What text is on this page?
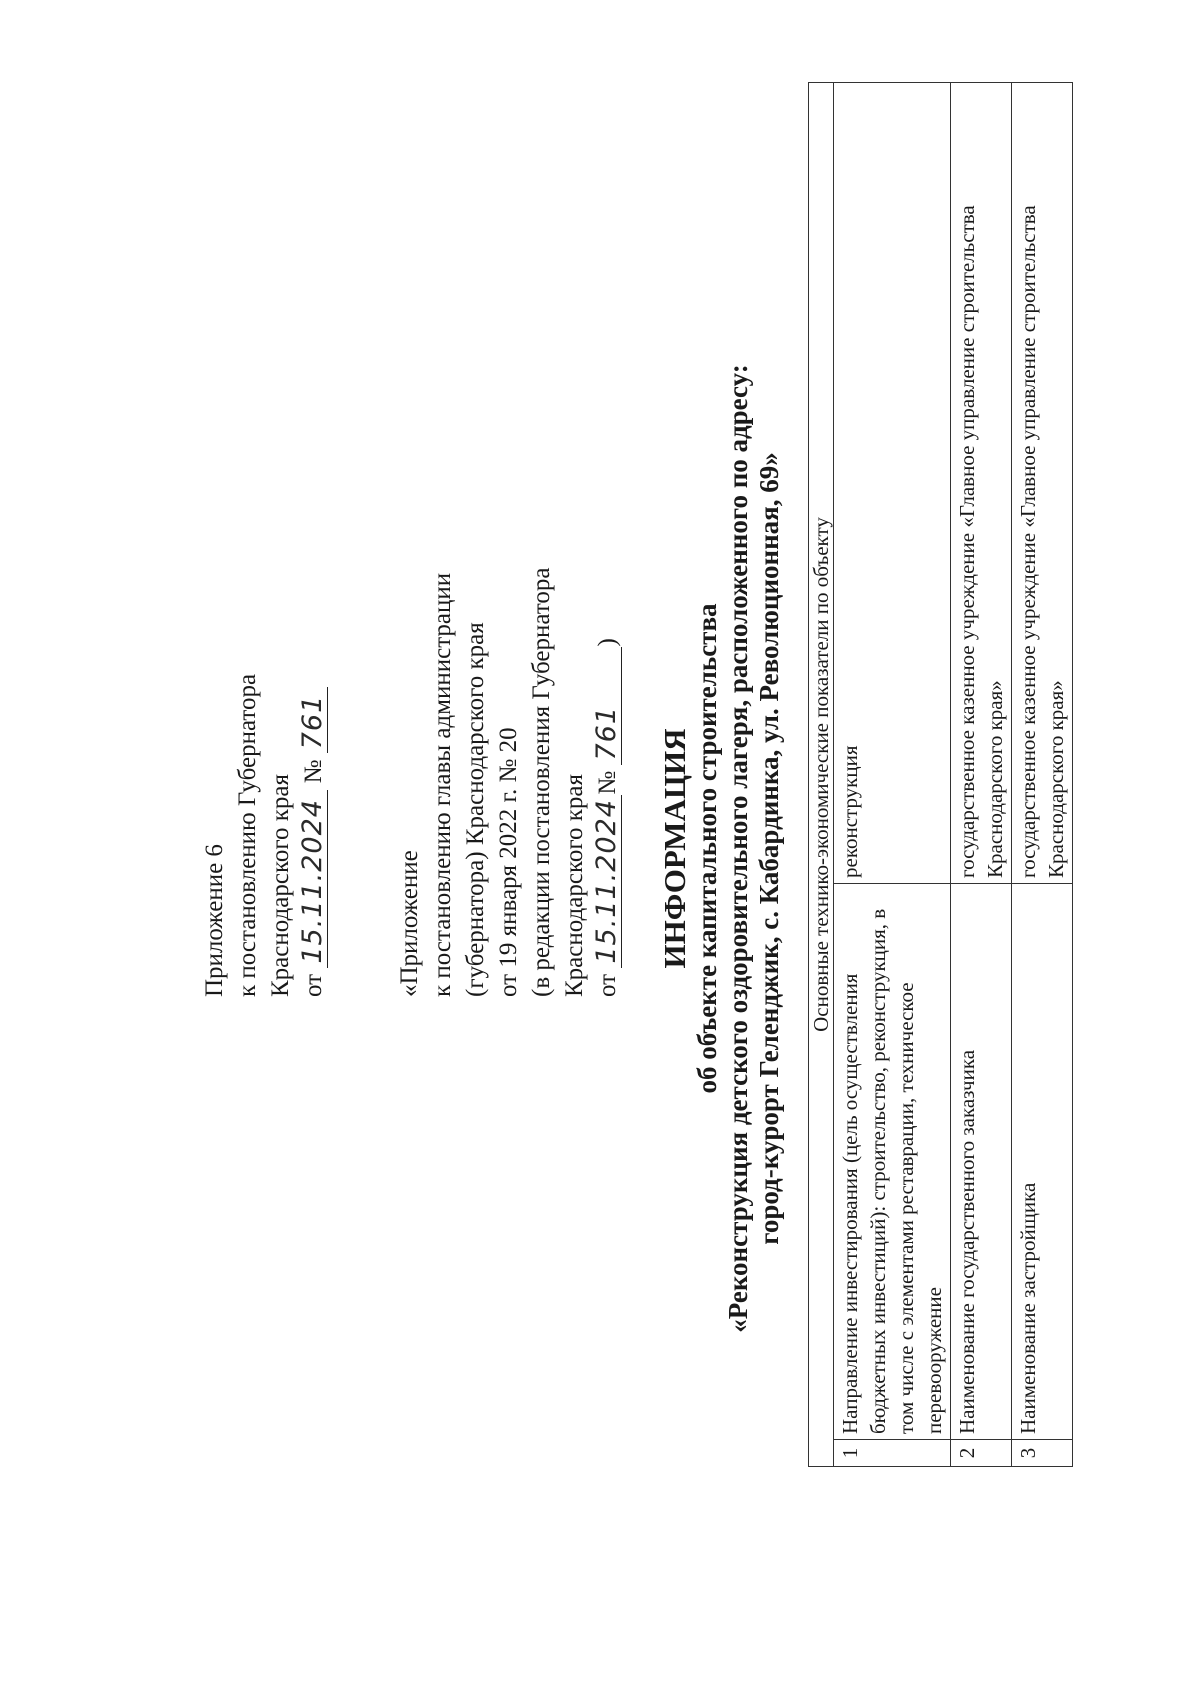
Приложение 6 к постановлению Губернатора Краснодарского края от 15.11.2024 № 761
«Приложение к постановлению главы администрации (губернатора) Краснодарского края от 19 января 2022 г. № 20 (в редакции постановления Губернатора Краснодарского края от 15.11.2024№ 761)
ИНФОРМАЦИЯ об объекте капитального строительства «Реконструкция детского оздоровительного лагеря, расположенного по адресу: город-курорт Геленджик, с. Кабардинка, ул. Революционная, 69» Основные технико-экономические показатели по объекту		
1	Направление инвестирования (цель осуществления бюджетных инвестиций): строительство, реконструкция, в том числе с элементами реставрации, техническое перевооружение	реконструкция
2	Наименование государственного заказчика	государственное казенное учреждение «Главное управление строительства Краснодарского края»
3	Наименование застройщика	государственное казенное учреждение «Главное управление строительства Краснодарского края»
